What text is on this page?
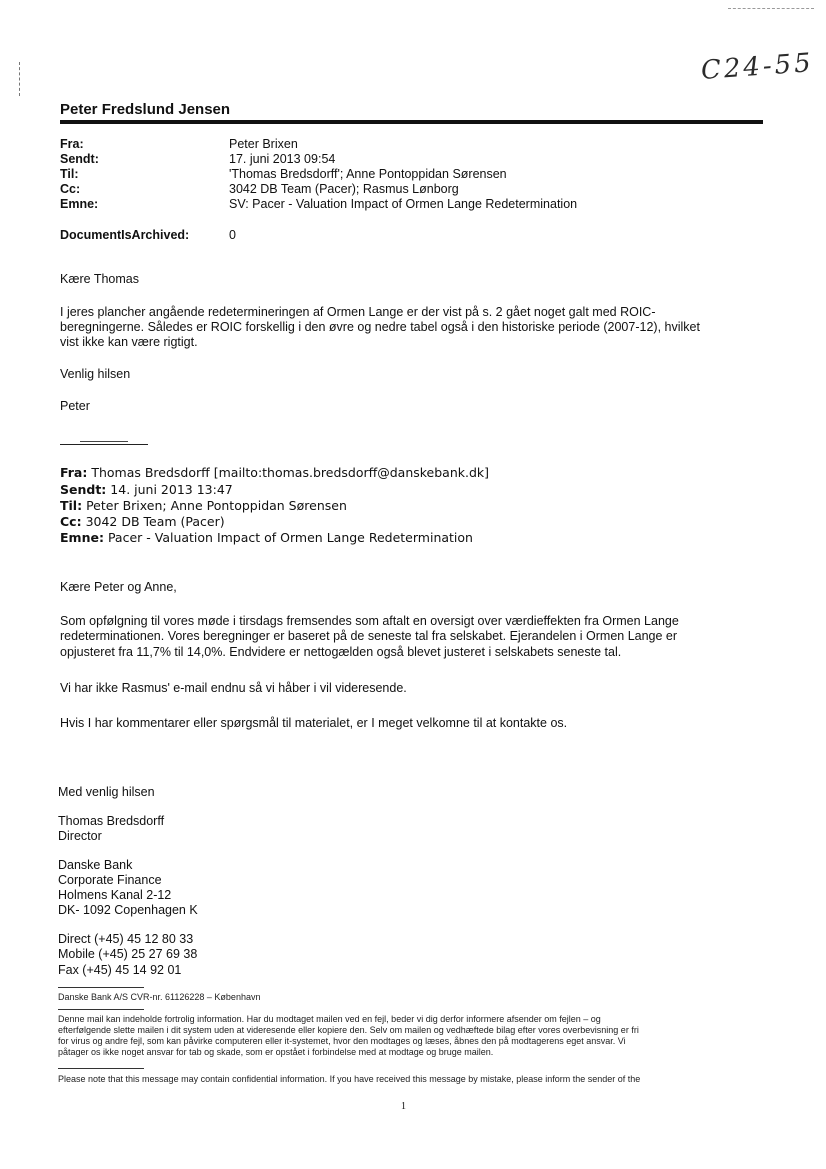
C24-55
Peter Fredslund Jensen
Fra:	Peter Brixen
Sendt:	17. juni 2013 09:54
Til:	'Thomas Bredsdorff'; Anne Pontoppidan Sørensen
Cc:	3042 DB Team (Pacer); Rasmus Lønborg
Emne:	SV: Pacer - Valuation Impact of Ormen Lange Redetermination
DocumentIsArchived:	0
Kære Thomas
I jeres plancher angående redetermineringen af Ormen Lange er der vist på s. 2 gået noget galt med ROIC-
beregningerne. Således er ROIC forskellig i den øvre og nedre tabel også i den historiske periode (2007-12), hvilket
vist ikke kan være rigtigt.
Venlig hilsen
Peter
Fra: Thomas Bredsdorff [mailto:thomas.bredsdorff@danskebank.dk]
Sendt: 14. juni 2013 13:47
Til: Peter Brixen; Anne Pontoppidan Sørensen
Cc: 3042 DB Team (Pacer)
Emne: Pacer - Valuation Impact of Ormen Lange Redetermination
Kære Peter og Anne,
Som opfølgning til vores møde i tirsdags fremsendes som aftalt en oversigt over værdieffekten fra Ormen Lange
redeterminationen. Vores beregninger er baseret på de seneste tal fra selskabet. Ejerandelen i Ormen Lange er
opjusteret fra 11,7% til 14,0%. Endvidere er nettogælden også blevet justeret i selskabets seneste tal.
Vi har ikke Rasmus' e-mail endnu så vi håber i vil videresende.
Hvis I har kommentarer eller spørgsmål til materialet, er I meget velkomne til at kontakte os.
Med venlig hilsen
Thomas Bredsdorff
Director
Danske Bank
Corporate Finance
Holmens Kanal 2-12
DK- 1092 Copenhagen K
Direct (+45) 45 12 80 33
Mobile (+45) 25 27 69 38
Fax (+45) 45 14 92 01
Danske Bank A/S CVR-nr. 61126228 – København
Denne mail kan indeholde fortrolig information. Har du modtaget mailen ved en fejl, beder vi dig derfor informere afsender om fejlen – og
efterfølgende slette mailen i dit system uden at videresende eller kopiere den. Selv om mailen og vedhæftede bilag efter vores overbevisning er fri
for virus og andre fejl, som kan påvirke computeren eller it-systemet, hvor den modtages og læses, åbnes den på modtagerens eget ansvar. Vi
påtager os ikke noget ansvar for tab og skade, som er opstået i forbindelse med at modtage og bruge mailen.
Please note that this message may contain confidential information. If you have received this message by mistake, please inform the sender of the
1
